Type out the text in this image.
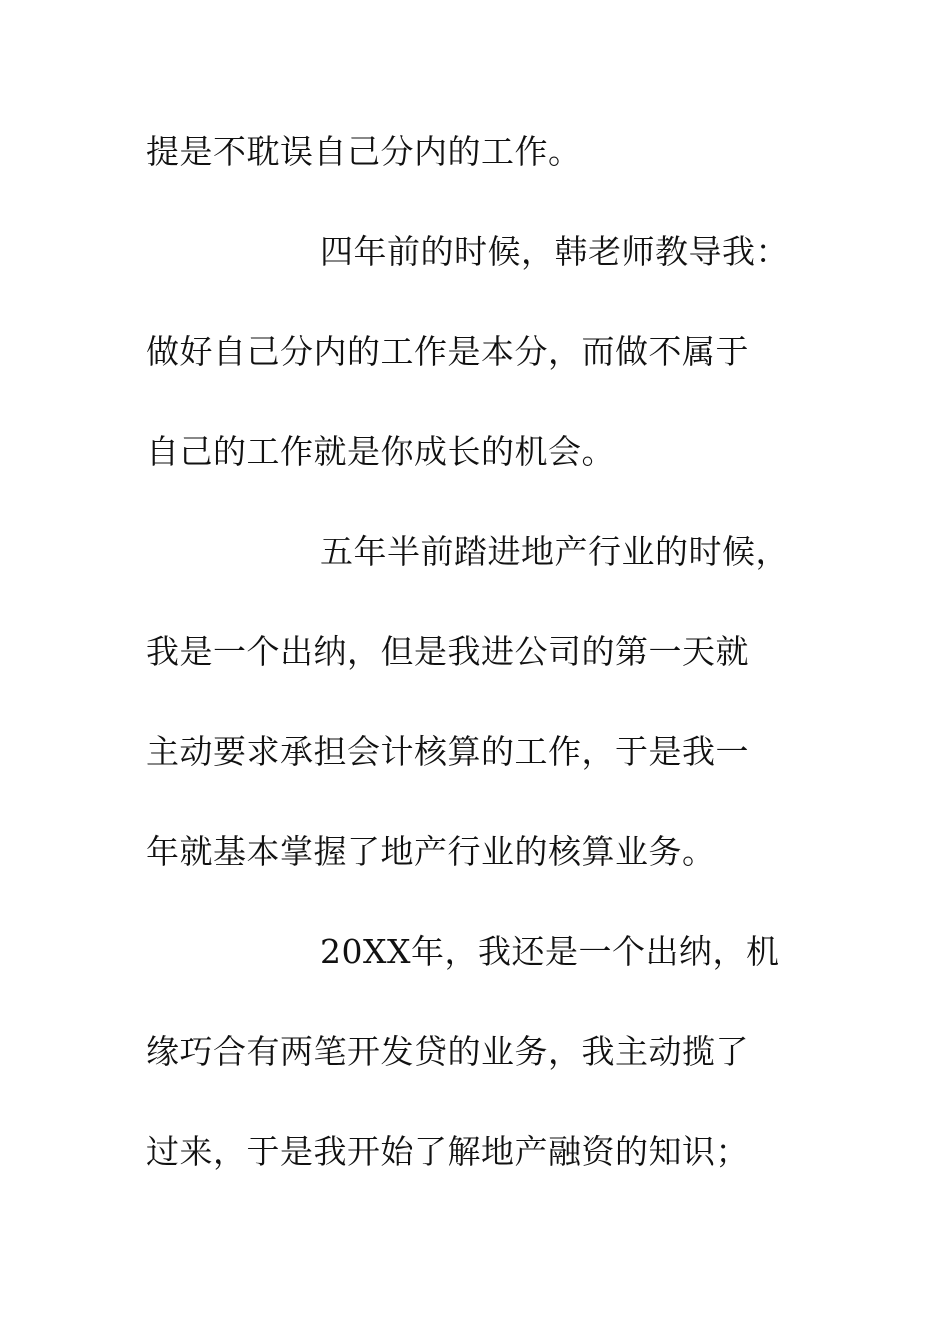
提是不耽误自己分内的工作。
四年前的时候，韩老师教导我：
做好自己分内的工作是本分，而做不属于
自己的工作就是你成长的机会。
五年半前踏进地产行业的时候，
我是一个出纳，但是我进公司的第一天就
主动要求承担会计核算的工作，于是我一
年就基本掌握了地产行业的核算业务。
20XX年，我还是一个出纳，机
缘巧合有两笔开发贷的业务，我主动揽了
过来，于是我开始了解地产融资的知识；
